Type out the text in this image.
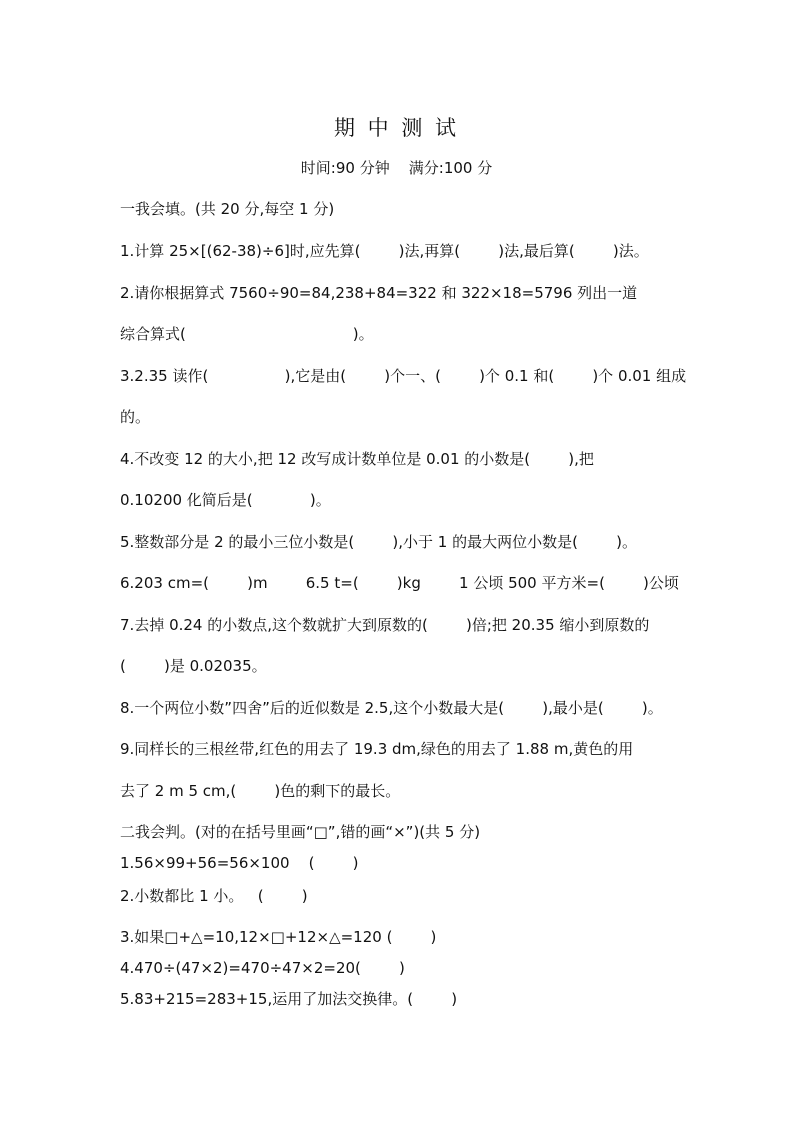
期 中 测 试
时间:90 分钟    满分:100 分
一我会填。(共 20 分,每空 1 分)
1.计算 25×[(62-38)÷6]时,应先算(        )法,再算(        )法,最后算(        )法。
2.请你根据算式 7560÷90=84,238+84=322 和 322×18=5796 列出一道
综合算式(                                   )。
3.2.35 读作(                ),它是由(        )个一、(        )个 0.1 和(        )个 0.01 组成
的。
4.不改变 12 的大小,把 12 改写成计数单位是 0.01 的小数是(        ),把
0.10200 化简后是(            )。
5.整数部分是 2 的最小三位小数是(        ),小于 1 的最大两位小数是(        )。
6.203 cm=(        )m        6.5 t=(        )kg        1 公顷 500 平方米=(        )公顷
7.去掉 0.24 的小数点,这个数就扩大到原数的(        )倍;把 20.35 缩小到原数的
(        )是 0.02035。
8.一个两位小数”四舍”后的近似数是 2.5,这个小数最大是(        ),最小是(        )。
9.同样长的三根丝带,红色的用去了 19.3 dm,绿色的用去了 1.88 m,黄色的用
去了 2 m 5 cm,(        )色的剩下的最长。
二我会判。(对的在括号里画“□”,错的画“×”)(共 5 分)
1.56×99+56=56×100    (        )
2.小数都比 1 小。   (        )
3.如果□+△=10,12×□+12×△=120 (        )
4.470÷(47×2)=470÷47×2=20(        )
5.83+215=283+15,运用了加法交换律。(        )
